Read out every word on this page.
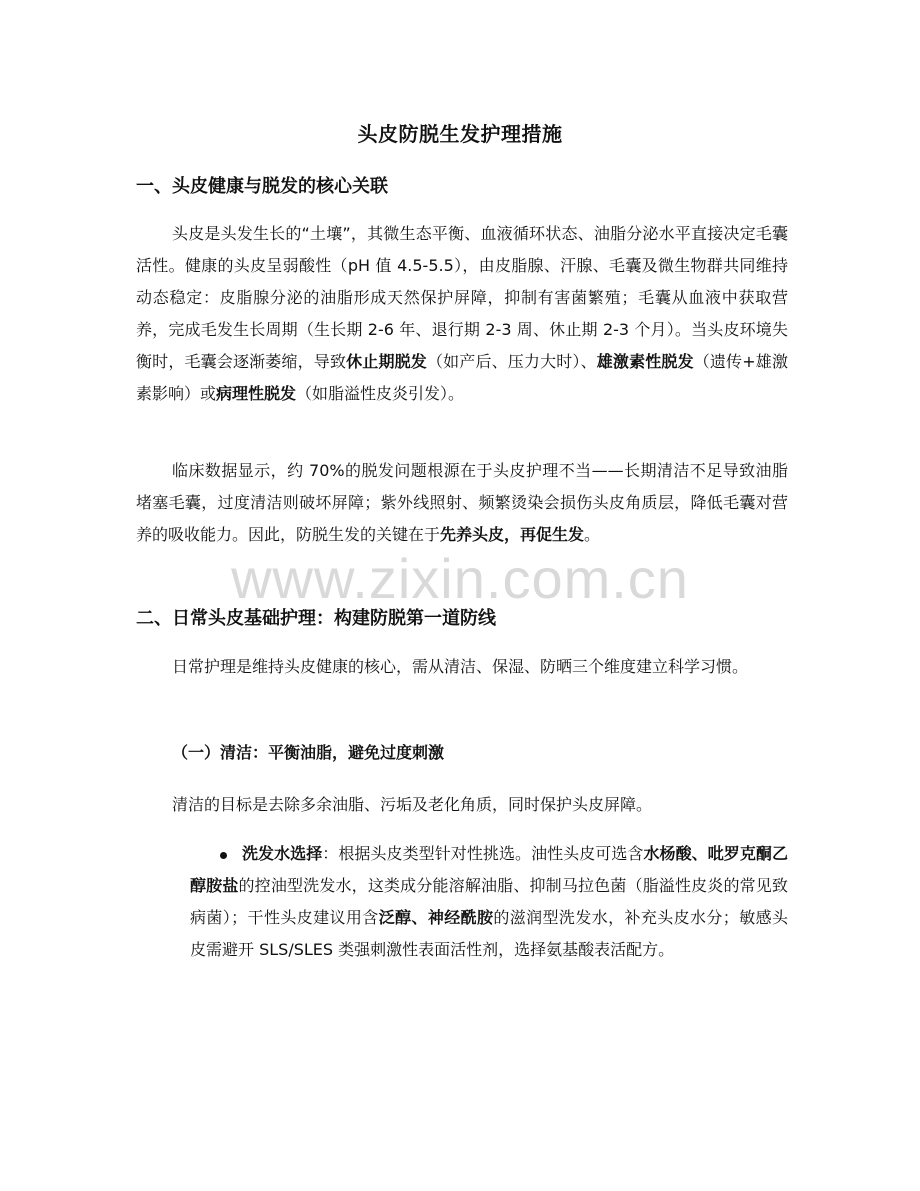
www.zixin.com.cn
头皮防脱生发护理措施
一、头皮健康与脱发的核心关联

头皮是头发生长的“土壤”，其微生态平衡、血液循环状态、油脂分泌水平直接决定毛囊活性。健康的头皮呈弱酸性（pH 值 4.5-5.5），由皮脂腺、汗腺、毛囊及微生物群共同维持动态稳定：皮脂腺分泌的油脂形成天然保护屏障，抑制有害菌繁殖；毛囊从血液中获取营养，完成毛发生长周期（生长期 2-6 年、退行期 2-3 周、休止期 2-3 个月）。当头皮环境失衡时，毛囊会逐渐萎缩，导致休止期脱发（如产后、压力大时）、雄激素性脱发（遗传+雄激素影响）或病理性脱发（如脂溢性皮炎引发）。

临床数据显示，约 70%的脱发问题根源在于头皮护理不当——长期清洁不足导致油脂堵塞毛囊，过度清洁则破坏屏障；紫外线照射、频繁烫染会损伤头皮角质层，降低毛囊对营养的吸收能力。因此，防脱生发的关键在于先养头皮，再促生发。

二、日常头皮基础护理：构建防脱第一道防线

日常护理是维持头皮健康的核心，需从清洁、保湿、防晒三个维度建立科学习惯。

（一）清洁：平衡油脂，避免过度刺激

清洁的目标是去除多余油脂、污垢及老化角质，同时保护头皮屏障。

洗发水选择：根据头皮类型针对性挑选。油性头皮可选含水杨酸、吡罗克酮乙醇胺盐的控油型洗发水，这类成分能溶解油脂、抑制马拉色菌（脂溢性皮炎的常见致病菌）；干性头皮建议用含泛醇、神经酰胺的滋润型洗发水，补充头皮水分；敏感头皮需避开 SLS/SLES 类强刺激性表面活性剂，选择氨基酸表活配方。
